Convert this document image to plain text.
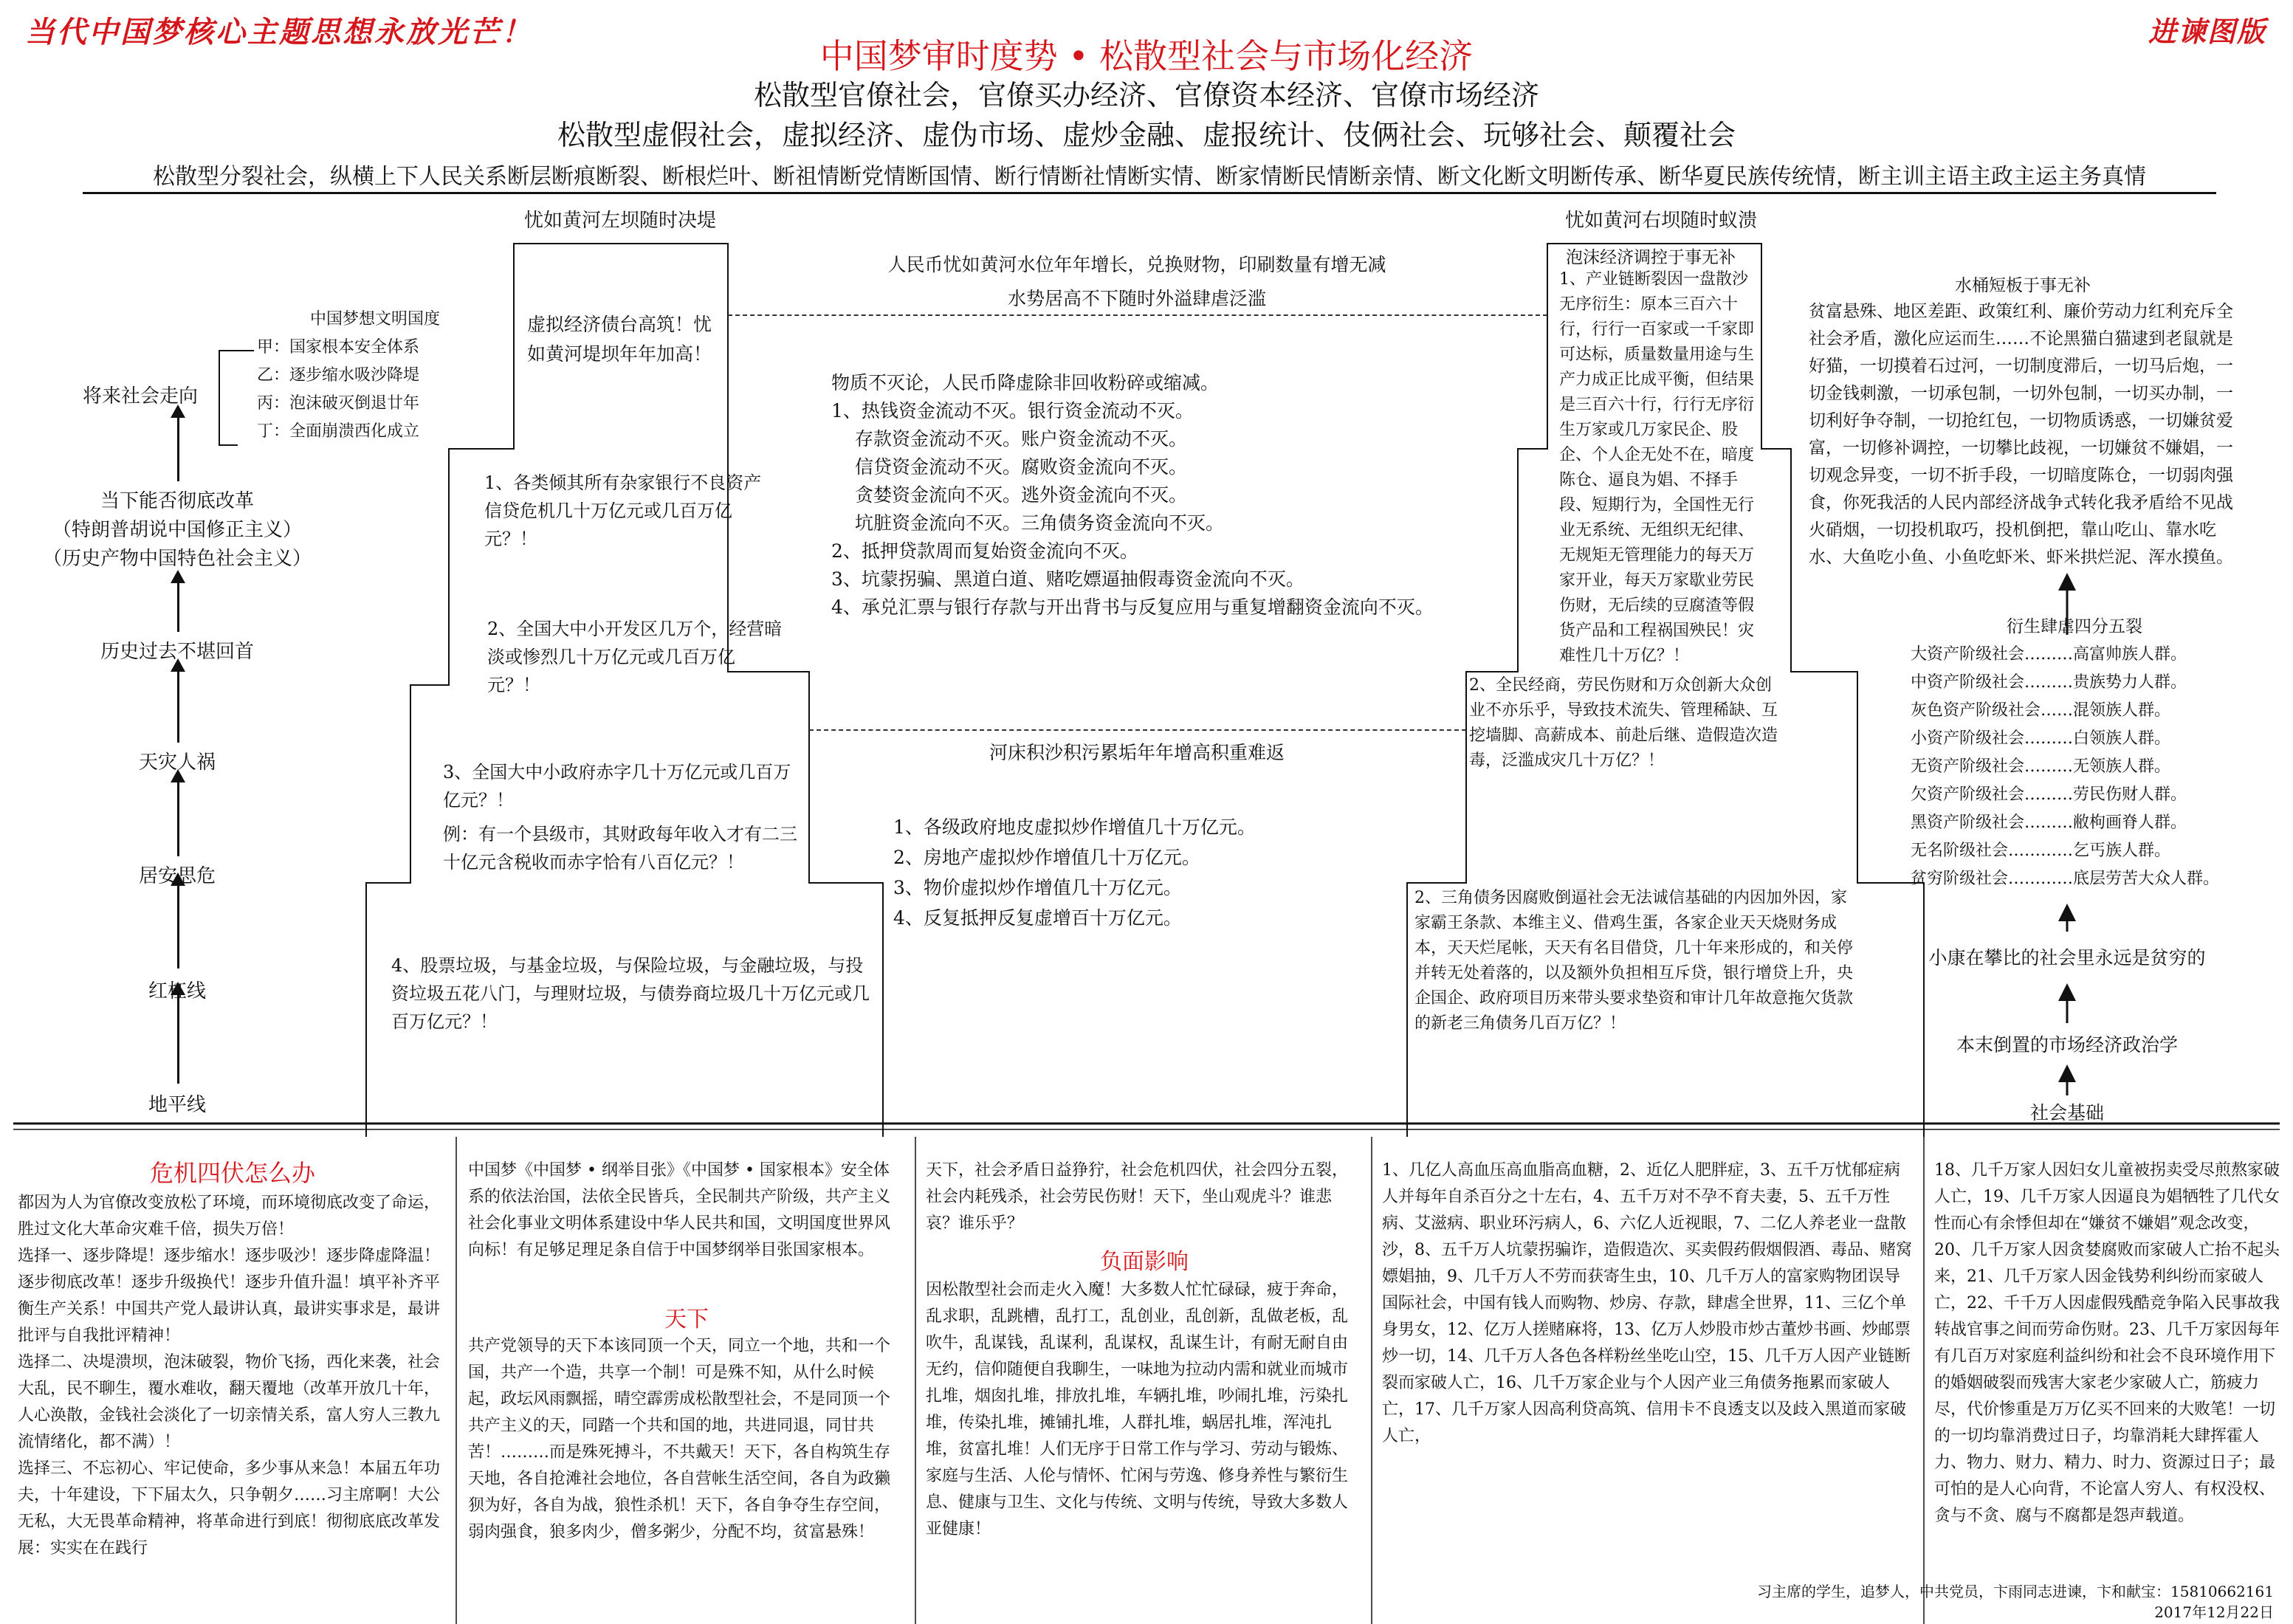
当代中国梦核心主题思想永放光芒！	进谏图版
中国梦审时度势 • 松散型社会与市场化经济
松散型官僚社会，官僚买办经济、官僚资本经济、官僚市场经济
松散型虚假社会，虚拟经济、虚伪市场、虚炒金融、虚报统计、伎俩社会、玩够社会、颠覆社会
松散型分裂社会，纵横上下人民关系断层断痕断裂、断根烂叶、断祖情断党情断国情、断行情断社情断实情、断家情断民情断亲情、断文化断文明断传承、断华夏民族传统情，断主训主语主政主运主务真情
地平线
红杠线
居安思危
天灾人祸
历史过去不堪回首
当下能否彻底改革
（特朗普胡说中国修正主义）
（历史产物中国特色社会主义）
将来社会走向
中国梦想文明国度
甲：国家根本安全体系
乙：逐步缩水吸沙降堤
丙：泡沫破灭倒退廿年
丁：全面崩溃西化成立
忧如黄河左坝随时决堤	忧如黄河右坝随时蚁溃
虚拟经济债台高筑！忧如黄河堤坝年年加高！
1、各类倾其所有杂家银行不良资产信贷危机几十万亿元或几百万亿元？！
2、全国大中小开发区几万个，经营暗淡或惨烈几十万亿元或几百万亿元？！
3、全国大中小政府赤字几十万亿元或几百万亿元？！
例：有一个县级市，其财政每年收入才有二三十亿元含税收而赤字恰有八百亿元？！
4、股票垃圾，与基金垃圾，与保险垃圾，与金融垃圾，与投资垃圾五花八门，与理财垃圾，与债券商垃圾几十万亿元或几百万亿元？！
人民币忧如黄河水位年年增长，兑换财物，印刷数量有增无减
水势居高不下随时外溢肆虐泛滥
物质不灭论，人民币降虚除非回收粉碎或缩减。
1、热钱资金流动不灭。银行资金流动不灭。
存款资金流动不灭。账户资金流动不灭。
信贷资金流动不灭。腐败资金流向不灭。
贪婪资金流向不灭。逃外资金流向不灭。
坑脏资金流向不灭。三角债务资金流向不灭。
2、抵押贷款周而复始资金流向不灭。
3、坑蒙拐骗、黑道白道、赌吃嫖逼抽假毒资金流向不灭。
4、承兑汇票与银行存款与开出背书与反复应用与重复增翻资金流向不灭。
河床积沙积污累垢年年增高积重难返
1、各级政府地皮虚拟炒作增值几十万亿元。
2、房地产虚拟炒作增值几十万亿元。
3、物价虚拟炒作增值几十万亿元。
4、反复抵押反复虚增百十万亿元。
泡沫经济调控于事无补
1、产业链断裂因一盘散沙无序衍生：原本三百六十行，行行一百家或一千家即可达标，质量数量用途与生产力成正比成平衡，但结果是三百六十行，行行无序衍生万家或几万家民企、股企、个人企无处不在，暗度陈仓、逼良为娼、不择手段、短期行为，全国性无行业无系统、无组织无纪律、无规矩无管理能力的每天万家开业，每天万家歇业劳民伤财，无后续的豆腐渣等假货产品和工程祸国殃民！灾难性几十万亿？！
2、全民经商，劳民伤财和万众创新大众创业不亦乐乎，导致技术流失、管理稀缺、互挖墙脚、高薪成本、前赴后继、造假造次造毒，泛滥成灾几十万亿？！
2、三角债务因腐败倒逼社会无法诚信基础的内因加外因，家家霸王条款、本维主义、借鸡生蛋，各家企业天天烧财务成本，天天烂尾帐，天天有名目借贷，几十年来形成的，和关停并转无处着落的，以及额外负担相互斥贷，银行增贷上升，央企国企、政府项目历来带头要求垫资和审计几年故意拖欠货款的新老三角债务几百万亿？！
水桶短板于事无补
贫富悬殊、地区差距、政策红利、廉价劳动力红利充斥全社会矛盾，激化应运而生……不论黑猫白猫逮到老鼠就是好猫，一切摸着石过河，一切制度滞后，一切马后炮，一切金钱刺激，一切承包制，一切外包制，一切买办制，一切利好争夺制，一切抢红包，一切物质诱惑，一切嫌贫爱富，一切修补调控，一切攀比歧视，一切嫌贫不嫌娼，一切观念异变，一切不折手段，一切暗度陈仓，一切弱肉强食，你死我活的人民内部经济战争式转化我矛盾给不见战火硝烟，一切投机取巧，投机倒把，靠山吃山、靠水吃水、大鱼吃小鱼、小鱼吃虾米、虾米拱烂泥、浑水摸鱼。
衍生肆虐四分五裂
大资产阶级社会………高富帅族人群。
中资产阶级社会………贵族势力人群。
灰色资产阶级社会……混领族人群。
小资产阶级社会………白领族人群。
无资产阶级社会………无领族人群。
欠资产阶级社会………劳民伤财人群。
黑资产阶级社会………敝枸画脊人群。
无名阶级社会…………乞丐族人群。
贫穷阶级社会…………底层劳苦大众人群。
小康在攀比的社会里永远是贫穷的
本末倒置的市场经济政治学
社会基础
危机四伏怎么办
都因为人为官僚改变放松了环境，而环境彻底改变了命运，胜过文化大革命灾难千倍，损失万倍！
选择一、逐步降堤！逐步缩水！逐步吸沙！逐步降虚降温！逐步彻底改革！逐步升级换代！逐步升值升温！填平补齐平衡生产关系！中国共产党人最讲认真，最讲实事求是，最讲批评与自我批评精神！
选择二、决堤溃坝，泡沫破裂，物价飞扬，西化来袭，社会大乱，民不聊生，覆水难收，翻天覆地（改革开放几十年，人心涣散，金钱社会淡化了一切亲情关系，富人穷人三教九流情绪化，都不满）！
选择三、不忘初心、牢记使命，多少事从来急！本届五年功夫，十年建设，下下届太久，只争朝夕……习主席啊！大公无私，大无畏革命精神，将革命进行到底！彻彻底底改革发展：实实在在践行
中国梦《中国梦 • 纲举目张》《中国梦 • 国家根本》安全体系的依法治国，法依全民皆兵，全民制共产阶级，共产主义社会化事业文明体系建设中华人民共和国，文明国度世界风向标！有足够足理足条自信于中国梦纲举目张国家根本。
天下
共产党领导的天下本该同顶一个天，同立一个地，共和一个国，共产一个造，共享一个制！可是殊不知，从什么时候起，政坛风雨飘摇，晴空霹雳成松散型社会，不是同顶一个共产主义的天，同踏一个共和国的地，共进同退，同甘共苦！………而是殊死搏斗，不共戴天！天下，各自构筑生存天地，各自抢滩社会地位，各自营帐生活空间，各自为政獭狈为好，各自为战，狼性杀机！天下，各自争夺生存空间，弱肉强食，狼多肉少，僧多粥少，分配不均，贫富悬殊！
天下，社会矛盾日益狰狞，社会危机四伏，社会四分五裂，社会内耗残杀，社会劳民伤财！天下，坐山观虎斗？谁悲哀？谁乐乎？
负面影响
因松散型社会而走火入魔！大多数人忙忙碌碌，疲于奔命，乱求职，乱跳槽，乱打工，乱创业，乱创新，乱做老板，乱吹牛，乱谋钱，乱谋利，乱谋权，乱谋生计，有耐无耐自由无约，信仰随便自我聊生，一味地为拉动内需和就业而城市扎堆，烟囱扎堆，排放扎堆，车辆扎堆，吵闹扎堆，污染扎堆，传染扎堆，摊铺扎堆，人群扎堆，蜗居扎堆，浑沌扎堆，贫富扎堆！人们无序于日常工作与学习、劳动与锻炼、家庭与生活、人伦与情怀、忙闲与劳逸、修身养性与繁衍生息、健康与卫生、文化与传统、文明与传统，导致大多数人亚健康！
1、几亿人高血压高血脂高血糖，2、近亿人肥胖症，3、五千万忧郁症病人并每年自杀百分之十左右，4、五千万对不孕不育夫妻，5、五千万性病、艾滋病、职业环污病人，6、六亿人近视眼，7、二亿人养老业一盘散沙，8、五千万人坑蒙拐骗诈，造假造次、买卖假药假烟假酒、毒品、赌窝嫖娼抽，9、几千万人不劳而获寄生虫，10、几千万人的富家购物团误导国际社会，中国有钱人而购物、炒房、存款，肆虐全世界，11、三亿个单身男女，12、亿万人搓赌麻将，13、亿万人炒股市炒古董炒书画、炒邮票炒一切，14、几千万人各色各样粉丝坐吃山空，15、几千万人因产业链断裂而家破人亡，16、几千万家企业与个人因产业三角债务拖累而家破人亡，17、几千万家人因高利贷高筑、信用卡不良透支以及歧入黑道而家破人亡，
18、几千万家人因妇女儿童被拐卖受尽煎熬家破人亡，19、几千万家人因逼良为娼牺牲了几代女性而心有余悸但却在“嫌贫不嫌娼”观念改变，20、几千万家人因贪婪腐败而家破人亡抬不起头来，21、几千万家人因金钱势利纠纷而家破人亡，22、千千万人因虚假残酷竞争陷入民事故我转战官事之间而劳命伤财。23、几千万家因每年有几百万对家庭利益纠纷和社会不良环境作用下的婚姻破裂而残害大家老少家破人亡，筋疲力尽，代价惨重是万万亿买不回来的大败笔！一切的一切均靠消费过日子，均靠消耗大肆挥霍人力、物力、财力、精力、时力、资源过日子；最可怕的是人心向背，不论富人穷人、有权没权、贪与不贪、腐与不腐都是怨声载道。
习主席的学生，追梦人，中共党员，卞雨同志进谏，卞和献宝：15810662161
2017年12月22日
